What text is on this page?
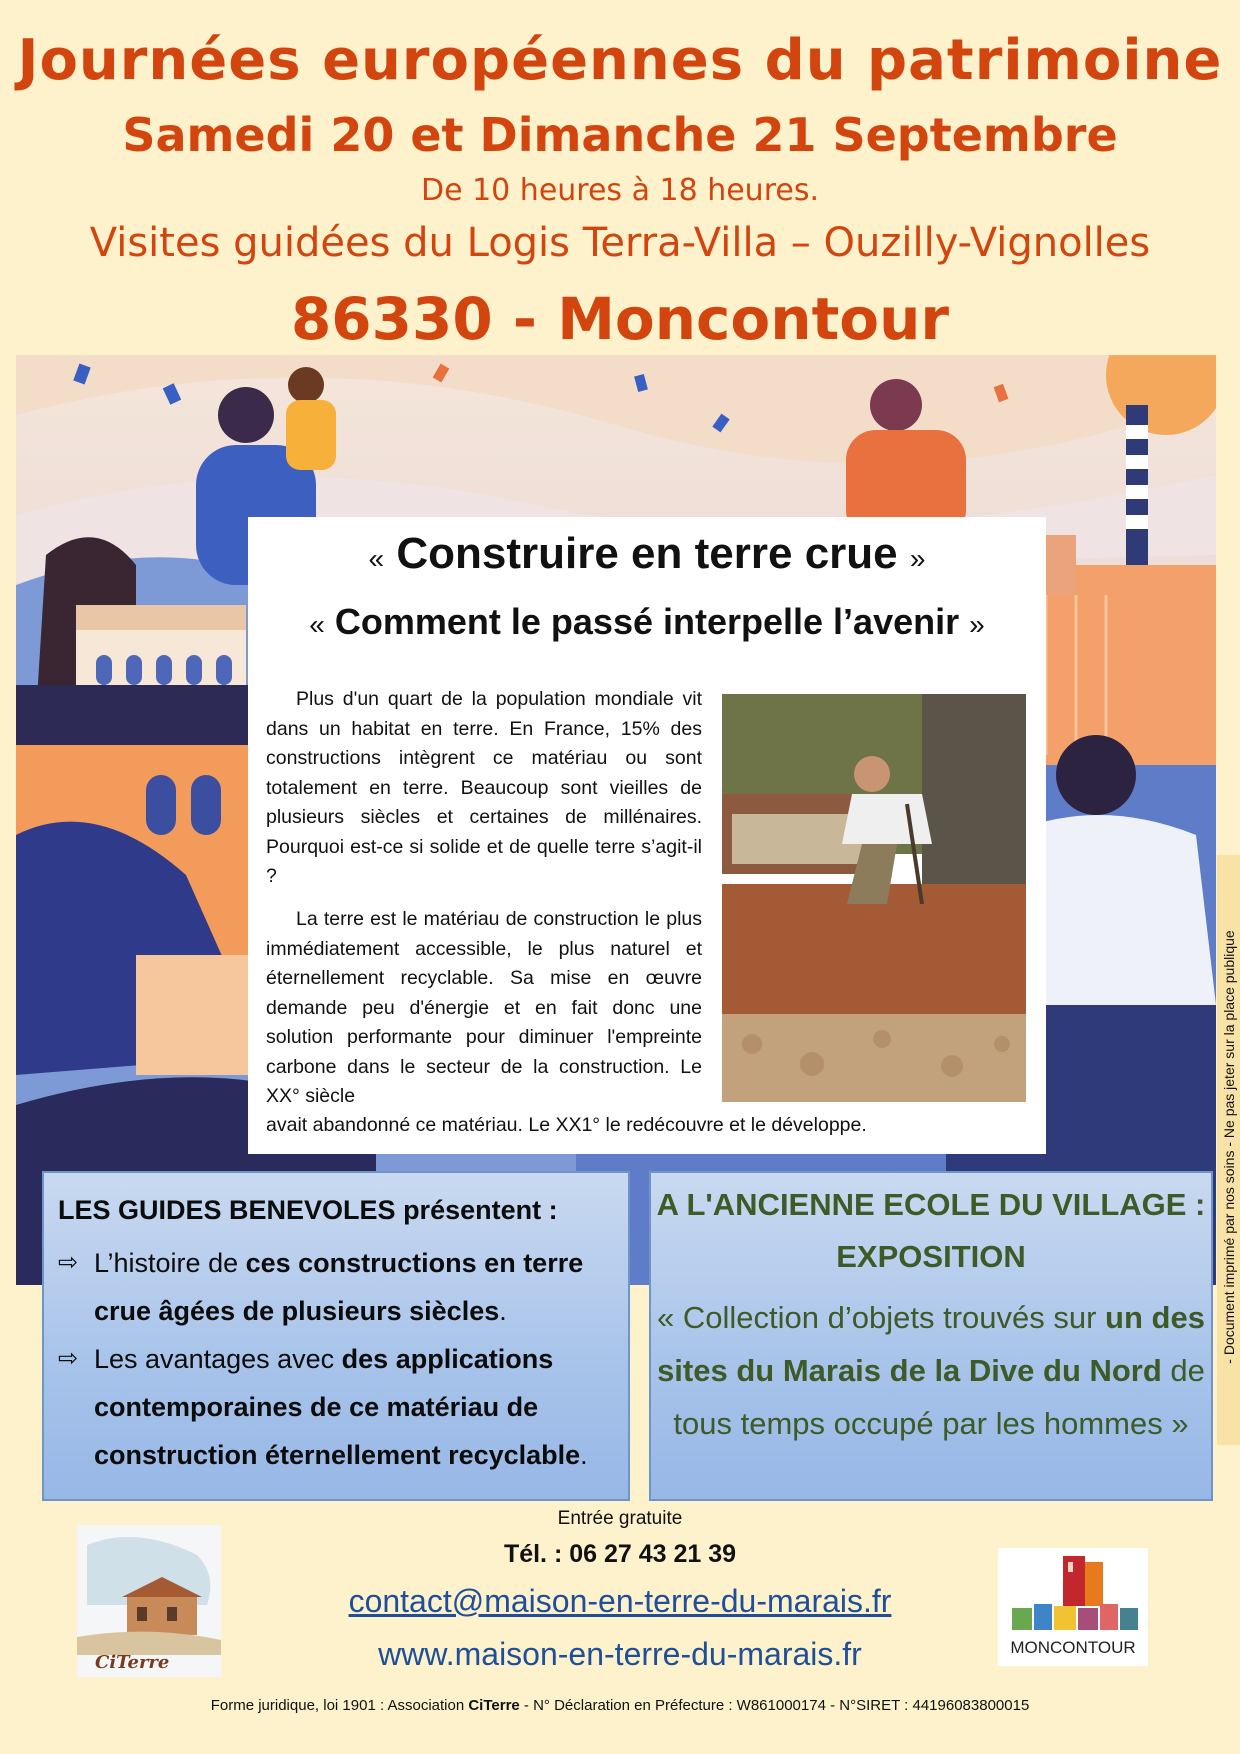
Journées européennes du patrimoine
Samedi 20 et Dimanche 21 Septembre
De 10 heures à 18 heures.
Visites guidées du Logis Terra-Villa – Ouzilly-Vignolles
86330 - Moncontour
« Construire en terre crue »
« Comment le passé interpelle l’avenir »
Plus d'un quart de la population mondiale vit dans un habitat en terre. En France, 15% des constructions intègrent ce matériau ou sont totalement en terre. Beaucoup sont vieilles de plusieurs siècles et certaines de millénaires. Pourquoi est-ce si solide et de quelle terre s’agit-il ?
La terre est le matériau de construction le plus immédiatement accessible, le plus naturel et éternellement recyclable. Sa mise en œuvre demande peu d'énergie et en fait donc une solution performante pour diminuer l'empreinte carbone dans le secteur de la construction. Le XX° siècle
avait abandonné ce matériau. Le XX1° le redécouvre et le développe.
LES GUIDES BENEVOLES présentent :
⇨ L’histoire de ces constructions en terre crue âgées de plusieurs siècles.
⇨ Les avantages avec des applications contemporaines de ce matériau de construction éternellement recyclable.
A L'ANCIENNE ECOLE DU VILLAGE :
EXPOSITION
« Collection d’objets trouvés sur un des sites du Marais de la Dive du Nord de tous temps occupé par les hommes »
- Document imprimé par nos soins - Ne pas jeter sur la place publique
Entrée gratuite
Tél. : 06 27 43 21 39
contact@maison-en-terre-du-marais.fr
www.maison-en-terre-du-marais.fr
Forme juridique, loi 1901 : Association CiTerre - N° Déclaration en Préfecture : W861000174 - N°SIRET : 44196083800015
CiTerre
MONCONTOUR
